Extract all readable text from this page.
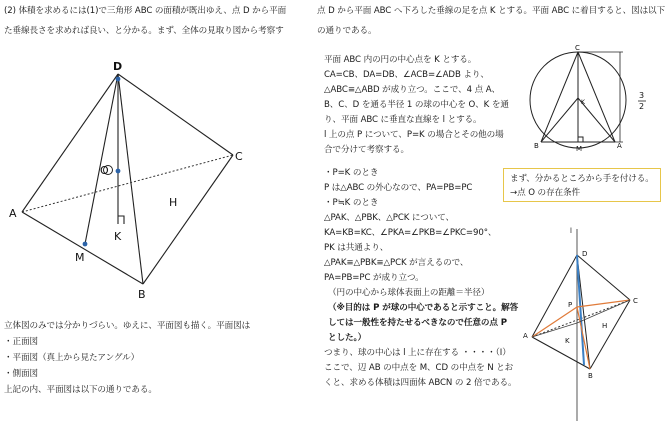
(2) 体積を求めるには(1)で三角形 ABC の面積が既出ゆえ、点 D から平面
た垂線長さを求めれば良い、と分かる。まず、全体の見取り図から考察す
立体図のみでは分かりづらい。ゆえに、平面図も描く。平面図は
・正面図
・平面図（真上から見たアングル）
・側面図
上記の内、平面図は以下の通りである。
D
C
A
M
B
O
H
K
点 D から平面 ABC へ下ろした垂線の足を点 K とする。平面 ABC に着目すると、図は以下
の通りである。
平面 ABC 内の円の中心点を K とする。
CA=CB、DA=DB、∠ACB=∠ADB より、
△ABC≡△ABD が成り立つ。ここで、4 点 A、
B、C、D を通る半径 1 の球の中心を O、K を通
り、平面 ABC に垂直な直線を l とする。
l 上の点 P について、P=K の場合とその他の場
合で分けて考察する。
・P=K のとき
P は△ABC の外心なので、PA=PB=PC
・P≒K のとき
△PAK、△PBK、△PCK について、
KA=KB=KC、∠PKA=∠PKB=∠PKC=90°、
PK は共通より、
△PAK≡△PBK≡△PCK が言えるので、
PA=PB=PC が成り立つ。
（円の中心から球体表面上の距離＝半径）
（※目的は P が球の中心であると示すこと。解答
しては一般性を持たせるべきなので任意の点 P
とした。）
つまり、球の中心は l 上に存在する ・・・・（I）
ここで、辺 AB の中点を M、CD の中点を N とお
くと、求める体積は四面体 ABCN の 2 倍である。
まず、分かるところから手を付ける。
→点 O の存在条件
C
B	M	A
K
3
2
l
D
C
A
B
P
K
H
